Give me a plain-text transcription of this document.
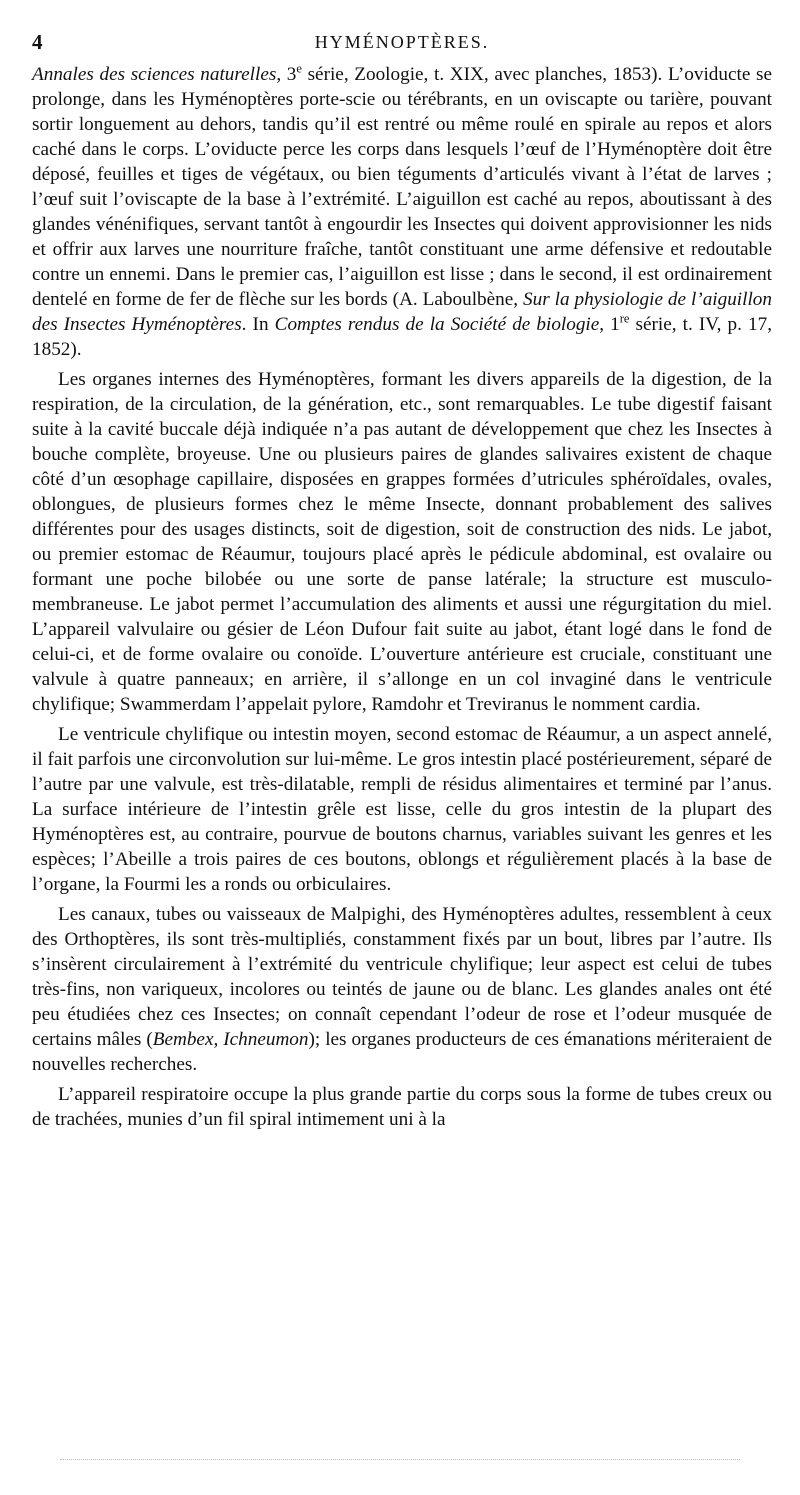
4	HYMÉNOPTÈRES.

Annales des sciences naturelles, 3e série, Zoologie, t. XIX, avec planches, 1853). L’oviducte se prolonge, dans les Hyménoptères porte-scie ou térébrants, en un oviscapte ou tarière, pouvant sortir longuement au dehors, tandis qu’il est rentré ou même roulé en spirale au repos et alors caché dans le corps. L’oviducte perce les corps dans lesquels l’œuf de l’Hyménoptère doit être déposé, feuilles et tiges de végétaux, ou bien téguments d’articulés vivant à l’état de larves ; l’œuf suit l’oviscapte de la base à l’extrémité. L’aiguillon est caché au repos, aboutissant à des glandes vénénifiques, servant tantôt à engourdir les Insectes qui doivent approvisionner les nids et offrir aux larves une nourriture fraîche, tantôt constituant une arme défensive et redoutable contre un ennemi. Dans le premier cas, l’aiguillon est lisse ; dans le second, il est ordinairement dentelé en forme de fer de flèche sur les bords (A. Laboulbène, Sur la physiologie de l’aiguillon des Insectes Hyménoptères. In Comptes rendus de la Société de biologie, 1re série, t. IV, p. 17, 1852).

Les organes internes des Hyménoptères, formant les divers appareils de la digestion, de la respiration, de la circulation, de la génération, etc., sont remarquables. Le tube digestif faisant suite à la cavité buccale déjà indiquée n’a pas autant de développement que chez les Insectes à bouche complète, broyeuse. Une ou plusieurs paires de glandes salivaires existent de chaque côté d’un œsophage capillaire, disposées en grappes formées d’utricules sphéroïdales, ovales, oblongues, de plusieurs formes chez le même Insecte, donnant probablement des salives différentes pour des usages distincts, soit de digestion, soit de construction des nids. Le jabot, ou premier estomac de Réaumur, toujours placé après le pédicule abdominal, est ovalaire ou formant une poche bilobée ou une sorte de panse latérale; la structure est musculo-membraneuse. Le jabot permet l’accumulation des aliments et aussi une régurgitation du miel. L’appareil valvulaire ou gésier de Léon Dufour fait suite au jabot, étant logé dans le fond de celui-ci, et de forme ovalaire ou conoïde. L’ouverture antérieure est cruciale, constituant une valvule à quatre panneaux; en arrière, il s’allonge en un col invaginé dans le ventricule chylifique; Swammerdam l’appelait pylore, Ramdohr et Treviranus le nomment cardia.

Le ventricule chylifique ou intestin moyen, second estomac de Réaumur, a un aspect annelé, il fait parfois une circonvolution sur lui-même. Le gros intestin placé postérieurement, séparé de l’autre par une valvule, est très-dilatable, rempli de résidus alimentaires et terminé par l’anus. La surface intérieure de l’intestin grêle est lisse, celle du gros intestin de la plupart des Hyménoptères est, au contraire, pourvue de boutons charnus, variables suivant les genres et les espèces; l’Abeille a trois paires de ces boutons, oblongs et régulièrement placés à la base de l’organe, la Fourmi les a ronds ou orbiculaires.

Les canaux, tubes ou vaisseaux de Malpighi, des Hyménoptères adultes, ressemblent à ceux des Orthoptères, ils sont très-multipliés, constamment fixés par un bout, libres par l’autre. Ils s’insèrent circulairement à l’extrémité du ventricule chylifique; leur aspect est celui de tubes très-fins, non variqueux, incolores ou teintés de jaune ou de blanc. Les glandes anales ont été peu étudiées chez ces Insectes; on connaît cependant l’odeur de rose et l’odeur musquée de certains mâles (Bembex, Ichneumon); les organes producteurs de ces émanations mériteraient de nouvelles recherches.

L’appareil respiratoire occupe la plus grande partie du corps sous la forme de tubes creux ou de trachées, munies d’un fil spiral intimement uni à la
